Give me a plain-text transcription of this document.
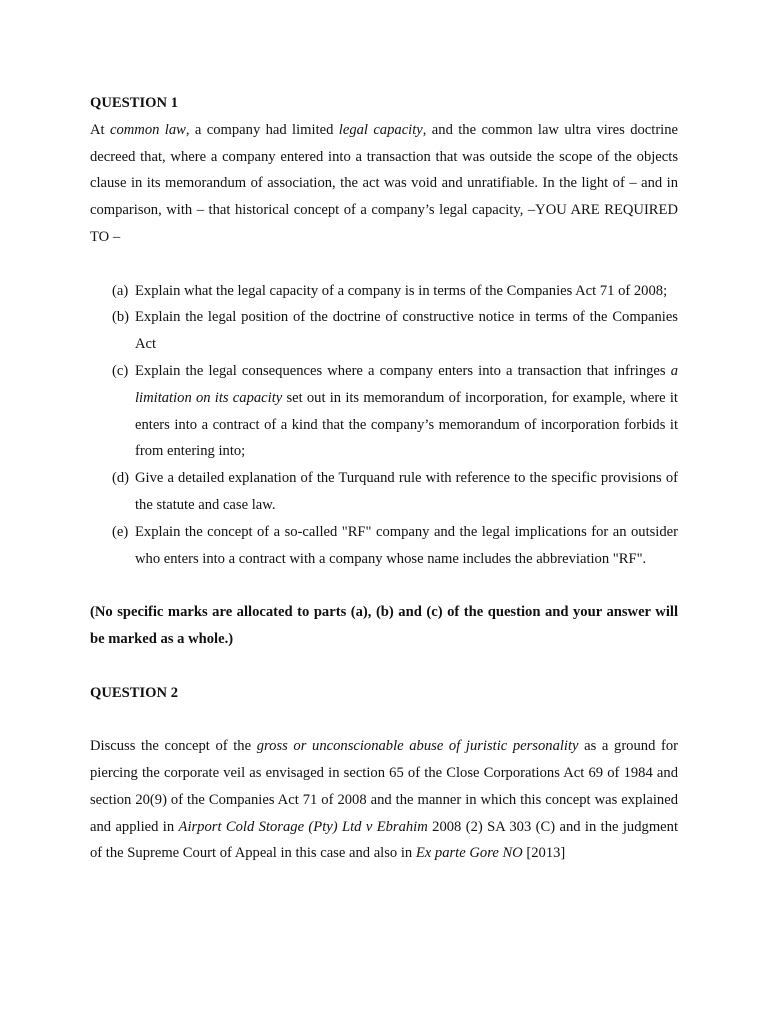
QUESTION 1

At common law, a company had limited legal capacity, and the common law ultra vires doctrine decreed that, where a company entered into a transaction that was outside the scope of the objects clause in its memorandum of association, the act was void and unratifiable. In the light of – and in comparison, with – that historical concept of a company’s legal capacity, –YOU ARE REQUIRED TO –

(a) Explain what the legal capacity of a company is in terms of the Companies Act 71 of 2008;
(b) Explain the legal position of the doctrine of constructive notice in terms of the Companies Act
(c) Explain the legal consequences where a company enters into a transaction that infringes a limitation on its capacity set out in its memorandum of incorporation, for example, where it enters into a contract of a kind that the company’s memorandum of incorporation forbids it from entering into;
(d) Give a detailed explanation of the Turquand rule with reference to the specific provisions of the statute and case law.
(e) Explain the concept of a so-called "RF" company and the legal implications for an outsider who enters into a contract with a company whose name includes the abbreviation "RF".

(No specific marks are allocated to parts (a), (b) and (c) of the question and your answer will be marked as a whole.)

QUESTION 2

Discuss the concept of the gross or unconscionable abuse of juristic personality as a ground for piercing the corporate veil as envisaged in section 65 of the Close Corporations Act 69 of 1984 and section 20(9) of the Companies Act 71 of 2008 and the manner in which this concept was explained and applied in Airport Cold Storage (Pty) Ltd v Ebrahim 2008 (2) SA 303 (C) and in the judgment of the Supreme Court of Appeal in this case and also in Ex parte Gore NO [2013]
